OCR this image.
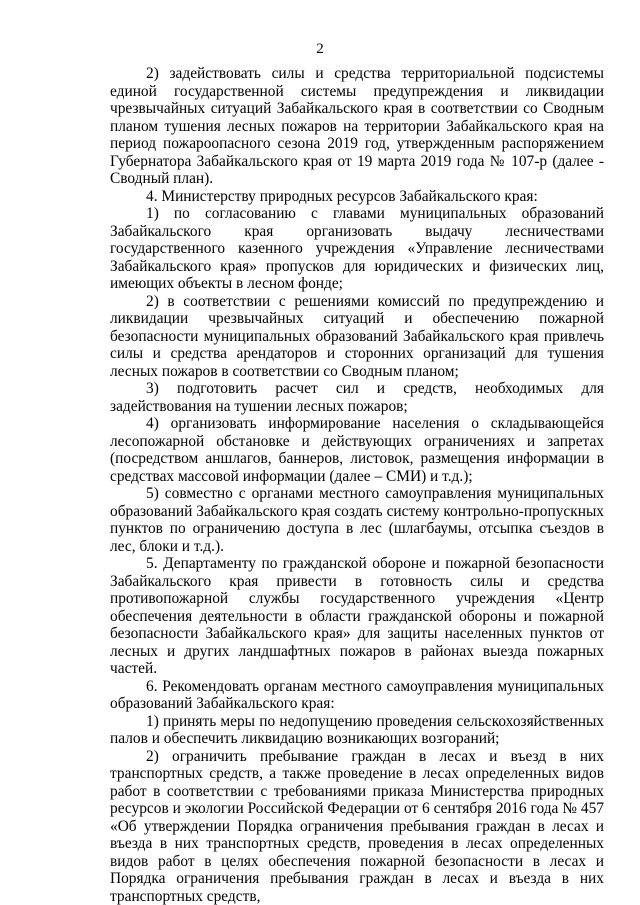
2

2) задействовать силы и средства территориальной подсистемы единой государственной системы предупреждения и ликвидации чрезвычайных ситуаций Забайкальского края в соответствии со Сводным планом тушения лесных пожаров на территории Забайкальского края на период пожароопасного сезона 2019 год, утвержденным распоряжением Губернатора Забайкальского края от 19 марта 2019 года № 107-р (далее - Сводный план).

4. Министерству природных ресурсов Забайкальского края:

1) по согласованию с главами муниципальных образований Забайкальского края организовать выдачу лесничествами государственного казенного учреждения «Управление лесничествами Забайкальского края» пропусков для юридических и физических лиц, имеющих объекты в лесном фонде;

2) в соответствии с решениями комиссий по предупреждению и ликвидации чрезвычайных ситуаций и обеспечению пожарной безопасности муниципальных образований Забайкальского края привлечь силы и средства арендаторов и сторонних организаций для тушения лесных пожаров в соответствии со Сводным планом;

3) подготовить расчет сил и средств, необходимых для задействования на тушении лесных пожаров;

4) организовать информирование населения о складывающейся лесопожарной обстановке и действующих ограничениях и запретах (посредством аншлагов, баннеров, листовок, размещения информации в средствах массовой информации (далее – СМИ) и т.д.);

5) совместно с органами местного самоуправления муниципальных образований Забайкальского края создать систему контрольно-пропускных пунктов по ограничению доступа в лес (шлагбаумы, отсыпка съездов в лес, блоки и т.д.).

5. Департаменту по гражданской обороне и пожарной безопасности Забайкальского края привести в готовность силы и средства противопожарной службы государственного учреждения «Центр обеспечения деятельности в области гражданской обороны и пожарной безопасности Забайкальского края» для защиты населенных пунктов от лесных и других ландшафтных пожаров в районах выезда пожарных частей.

6. Рекомендовать органам местного самоуправления муниципальных образований Забайкальского края:

1) принять меры по недопущению проведения сельскохозяйственных палов и обеспечить ликвидацию возникающих возгораний;

2) ограничить пребывание граждан в лесах и въезд в них транспортных средств, а также проведение в лесах определенных видов работ в соответствии с требованиями приказа Министерства природных ресурсов и экологии Российской Федерации от 6 сентября 2016 года № 457 «Об утверждении Порядка ограничения пребывания граждан в лесах и въезда в них транспортных средств, проведения в лесах определенных видов работ в целях обеспечения пожарной безопасности в лесах и Порядка ограничения пребывания граждан в лесах и въезда в них транспортных средств,
